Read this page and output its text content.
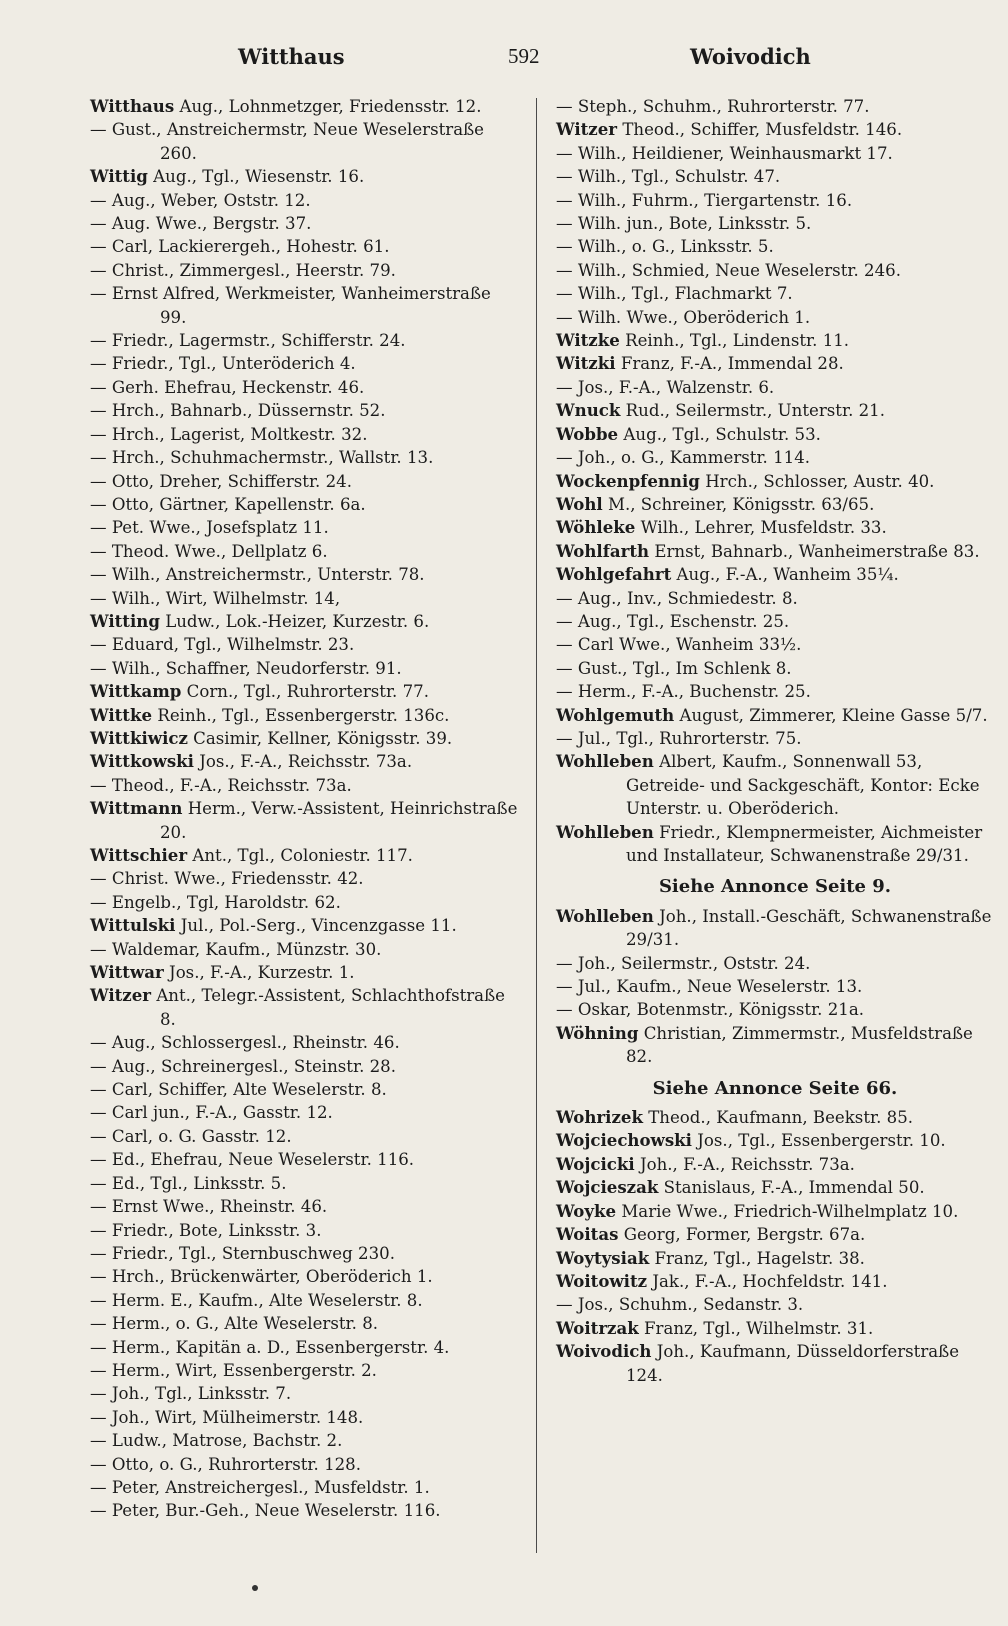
Witthaus	592	Woivodich
Witthaus Aug., Lohnmetzger, Friedensstr. 12.
— Gust., Anstreichermstr, Neue Weselerstraße 260.
Wittig Aug., Tgl., Wiesenstr. 16.
— Aug., Weber, Oststr. 12.
— Aug. Wwe., Bergstr. 37.
— Carl, Lackierergeh., Hohestr. 61.
— Christ., Zimmergesl., Heerstr. 79.
— Ernst Alfred, Werkmeister, Wanheimerstraße 99.
— Friedr., Lagermstr., Schifferstr. 24.
— Friedr., Tgl., Unteröderich 4.
— Gerh. Ehefrau, Heckenstr. 46.
— Hrch., Bahnarb., Düssernstr. 52.
— Hrch., Lagerist, Moltkestr. 32.
— Hrch., Schuhmachermstr., Wallstr. 13.
— Otto, Dreher, Schifferstr. 24.
— Otto, Gärtner, Kapellenstr. 6a.
— Pet. Wwe., Josefsplatz 11.
— Theod. Wwe., Dellplatz 6.
— Wilh., Anstreichermstr., Unterstr. 78.
— Wilh., Wirt, Wilhelmstr. 14,
Witting Ludw., Lok.-Heizer, Kurzestr. 6.
— Eduard, Tgl., Wilhelmstr. 23.
— Wilh., Schaffner, Neudorferstr. 91.
Wittkamp Corn., Tgl., Ruhrorterstr. 77.
Wittke Reinh., Tgl., Essenbergerstr. 136c.
Wittkiwicz Casimir, Kellner, Königsstr. 39.
Wittkowski Jos., F.-A., Reichsstr. 73a.
— Theod., F.-A., Reichsstr. 73a.
Wittmann Herm., Verw.-Assistent, Heinrichstraße 20.
Wittschier Ant., Tgl., Coloniestr. 117.
— Christ. Wwe., Friedensstr. 42.
— Engelb., Tgl, Haroldstr. 62.
Wittulski Jul., Pol.-Serg., Vincenzgasse 11.
— Waldemar, Kaufm., Münzstr. 30.
Wittwar Jos., F.-A., Kurzestr. 1.
Witzer Ant., Telegr.-Assistent, Schlachthofstraße 8.
— Aug., Schlossergesl., Rheinstr. 46.
— Aug., Schreinergesl., Steinstr. 28.
— Carl, Schiffer, Alte Weselerstr. 8.
— Carl jun., F.-A., Gasstr. 12.
— Carl, o. G. Gasstr. 12.
— Ed., Ehefrau, Neue Weselerstr. 116.
— Ed., Tgl., Linksstr. 5.
— Ernst Wwe., Rheinstr. 46.
— Friedr., Bote, Linksstr. 3.
— Friedr., Tgl., Sternbuschweg 230.
— Hrch., Brückenwärter, Oberöderich 1.
— Herm. E., Kaufm., Alte Weselerstr. 8.
— Herm., o. G., Alte Weselerstr. 8.
— Herm., Kapitän a. D., Essenbergerstr. 4.
— Herm., Wirt, Essenbergerstr. 2.
— Joh., Tgl., Linksstr. 7.
— Joh., Wirt, Mülheimerstr. 148.
— Ludw., Matrose, Bachstr. 2.
— Otto, o. G., Ruhrorterstr. 128.
— Peter, Anstreichergesl., Musfeldstr. 1.
— Peter, Bur.-Geh., Neue Weselerstr. 116.
— Steph., Schuhm., Ruhrorterstr. 77.
Witzer Theod., Schiffer, Musfeldstr. 146.
— Wilh., Heildiener, Weinhausmarkt 17.
— Wilh., Tgl., Schulstr. 47.
— Wilh., Fuhrm., Tiergartenstr. 16.
— Wilh. jun., Bote, Linksstr. 5.
— Wilh., o. G., Linksstr. 5.
— Wilh., Schmied, Neue Weselerstr. 246.
— Wilh., Tgl., Flachmarkt 7.
— Wilh. Wwe., Oberöderich 1.
Witzke Reinh., Tgl., Lindenstr. 11.
Witzki Franz, F.-A., Immendal 28.
— Jos., F.-A., Walzenstr. 6.
Wnuck Rud., Seilermstr., Unterstr. 21.
Wobbe Aug., Tgl., Schulstr. 53.
— Joh., o. G., Kammerstr. 114.
Wockenpfennig Hrch., Schlosser, Austr. 40.
Wohl M., Schreiner, Königsstr. 63/65.
Wöhleke Wilh., Lehrer, Musfeldstr. 33.
Wohlfarth Ernst, Bahnarb., Wanheimerstraße 83.
Wohlgefahrt Aug., F.-A., Wanheim 35¼.
— Aug., Inv., Schmiedestr. 8.
— Aug., Tgl., Eschenstr. 25.
— Carl Wwe., Wanheim 33½.
— Gust., Tgl., Im Schlenk 8.
— Herm., F.-A., Buchenstr. 25.
Wohlgemuth August, Zimmerer, Kleine Gasse 5/7.
— Jul., Tgl., Ruhrorterstr. 75.
Wohlleben Albert, Kaufm., Sonnenwall 53, Getreide- und Sackgeschäft, Kontor: Ecke Unterstr. u. Oberöderich.
Wohlleben Friedr., Klempnermeister, Aichmeister und Installateur, Schwanenstraße 29/31.
Siehe Annonce Seite 9.
Wohlleben Joh., Install.-Geschäft, Schwanenstraße 29/31.
— Joh., Seilermstr., Oststr. 24.
— Jul., Kaufm., Neue Weselerstr. 13.
— Oskar, Botenmstr., Königsstr. 21a.
Wöhning Christian, Zimmermstr., Musfeldstraße 82.
Siehe Annonce Seite 66.
Wohrizek Theod., Kaufmann, Beekstr. 85.
Wojciechowski Jos., Tgl., Essenbergerstr. 10.
Wojcicki Joh., F.-A., Reichsstr. 73a.
Wojcieszak Stanislaus, F.-A., Immendal 50.
Woyke Marie Wwe., Friedrich-Wilhelmplatz 10.
Woitas Georg, Former, Bergstr. 67a.
Woytysiak Franz, Tgl., Hagelstr. 38.
Woitowitz Jak., F.-A., Hochfeldstr. 141.
— Jos., Schuhm., Sedanstr. 3.
Woitrzak Franz, Tgl., Wilhelmstr. 31.
Woivodich Joh., Kaufmann, Düsseldorferstraße 124.
